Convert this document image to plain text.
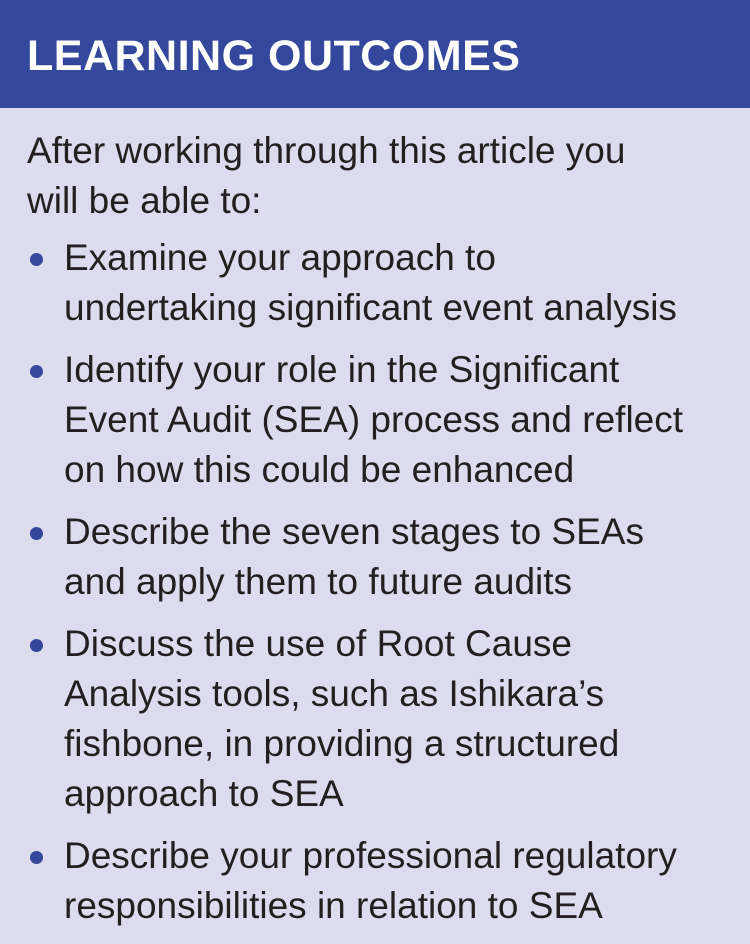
LEARNING OUTCOMES

After working through this article you
will be able to:

Examine your approach to
undertaking significant event analysis
Identify your role in the Significant
Event Audit (SEA) process and reflect
on how this could be enhanced
Describe the seven stages to SEAs
and apply them to future audits
Discuss the use of Root Cause
Analysis tools, such as Ishikara’s
fishbone, in providing a structured
approach to SEA
Describe your professional regulatory
responsibilities in relation to SEA
